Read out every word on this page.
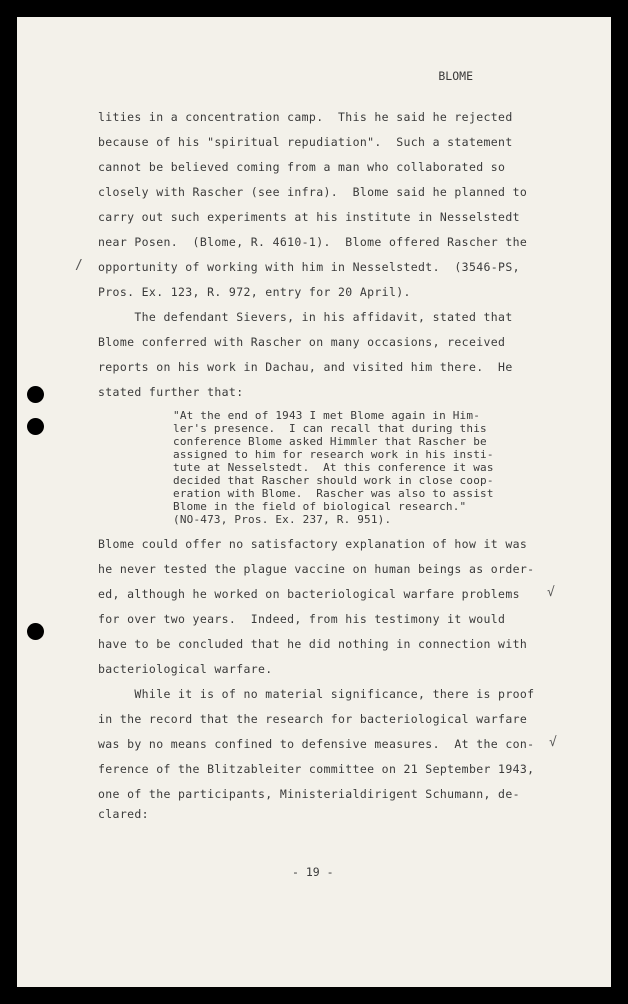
BLOME
lities in a concentration camp.  This he said he rejected
because of his "spiritual repudiation".  Such a statement
cannot be believed coming from a man who collaborated so
closely with Rascher (see infra).  Blome said he planned to
carry out such experiments at his institute in Nesselstedt
near Posen.  (Blome, R. 4610-1).  Blome offered Rascher the
opportunity of working with him in Nesselstedt.  (3546-PS,
Pros. Ex. 123, R. 972, entry for 20 April).
The defendant Sievers, in his affidavit, stated that
Blome conferred with Rascher on many occasions, received
reports on his work in Dachau, and visited him there.  He
stated further that:
"At the end of 1943 I met Blome again in Him-
ler's presence.  I can recall that during this
conference Blome asked Himmler that Rascher be
assigned to him for research work in his insti-
tute at Nesselstedt.  At this conference it was
decided that Rascher should work in close coop-
eration with Blome.  Rascher was also to assist
Blome in the field of biological research."
(NO-473, Pros. Ex. 237, R. 951).
Blome could offer no satisfactory explanation of how it was
he never tested the plague vaccine on human beings as order-
ed, although he worked on bacteriological warfare problems
for over two years.  Indeed, from his testimony it would
have to be concluded that he did nothing in connection with
bacteriological warfare.
While it is of no material significance, there is proof
in the record that the research for bacteriological warfare
was by no means confined to defensive measures.  At the con-
ference of the Blitzableiter committee on 21 September 1943,
one of the participants, Ministerialdirigent Schumann, de-
clared:
/
√
√
- 19 -
